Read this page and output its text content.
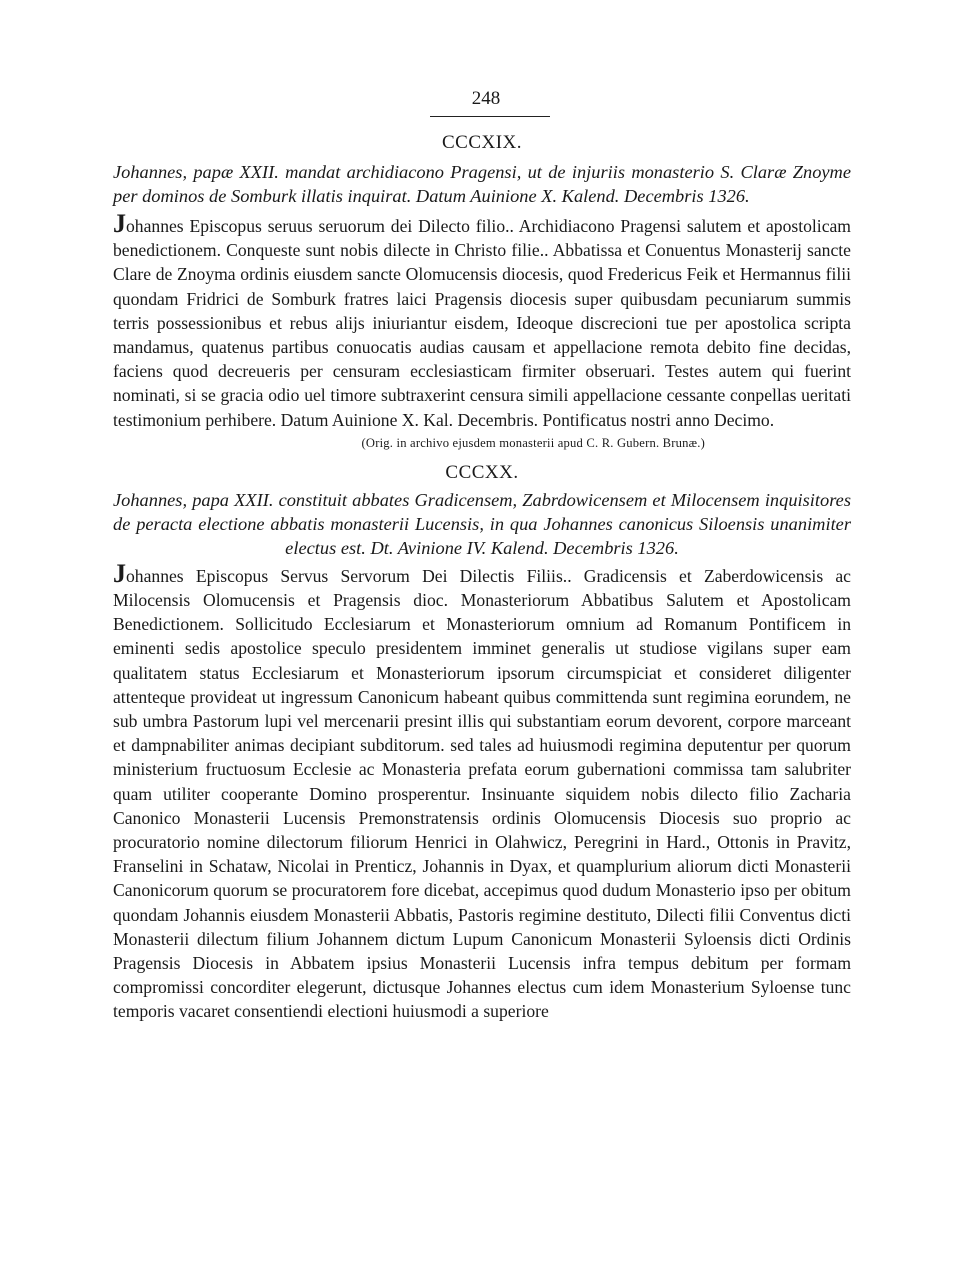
248
CCCXIX.

Johannes, papæ XXII. mandat archidiacono Pragensi, ut de injuriis monasterio S. Claræ Znoyme per dominos de Somburk illatis inquirat. Datum Auinione X. Kalend. Decembris 1326.

Johannes Episcopus seruus seruorum dei Dilecto filio.. Archidiacono Pragensi salutem et apostolicam benedictionem. Conqueste sunt nobis dilecte in Christo filie.. Abbatissa et Conuentus Monasterij sancte Clare de Znoyma ordinis eiusdem sancte Olomucensis diocesis, quod Fredericus Feik et Hermannus filii quondam Fridrici de Somburk fratres laici Pragensis diocesis super quibusdam pecuniarum summis terris possessionibus et rebus alijs iniuriantur eisdem, Ideoque discrecioni tue per apostolica scripta mandamus, quatenus partibus conuocatis audias causam et appellacione remota debito fine decidas, faciens quod decreueris per censuram ecclesiasticam firmiter obseruari. Testes autem qui fuerint nominati, si se gracia odio uel timore subtraxerint censura simili appellacione cessante conpellas ueritati testimonium perhibere. Datum Auinione X. Kal. Decembris. Pontificatus nostri anno Decimo.

(Orig. in archivo ejusdem monasterii apud C. R. Gubern. Brunæ.)

CCCXX.

Johannes, papa XXII. constituit abbates Gradicensem, Zabrdowicensem et Milocensem inquisitores de peracta electione abbatis monasterii Lucensis, in qua Johannes canonicus Siloensis unanimiter electus est. Dt. Avinione IV. Kalend. Decembris 1326.

Johannes Episcopus Servus Servorum Dei Dilectis Filiis.. Gradicensis et Zaberdowicensis ac Milocensis Olomucensis et Pragensis dioc. Monasteriorum Abbatibus Salutem et Apostolicam Benedictionem. Sollicitudo Ecclesiarum et Monasteriorum omnium ad Romanum Pontificem in eminenti sedis apostolice speculo presidentem imminet generalis ut studiose vigilans super eam qualitatem status Ecclesiarum et Monasteriorum ipsorum circumspiciat et consideret diligenter attenteque provideat ut ingressum Canonicum habeant quibus committenda sunt regimina eorundem, ne sub umbra Pastorum lupi vel mercenarii presint illis qui substantiam eorum devorent, corpore marceant et dampnabiliter animas decipiant subditorum. sed tales ad huiusmodi regimina deputentur per quorum ministerium fructuosum Ecclesie ac Monasteria prefata eorum gubernationi commissa tam salubriter quam utiliter cooperante Domino prosperentur. Insinuante siquidem nobis dilecto filio Zacharia Canonico Monasterii Lucensis Premonstratensis ordinis Olomucensis Diocesis suo proprio ac procuratorio nomine dilectorum filiorum Henrici in Olahwicz, Peregrini in Hard., Ottonis in Pravitz, Franselini in Schataw, Nicolai in Prenticz, Johannis in Dyax, et quamplurium aliorum dicti Monasterii Canonicorum quorum se procuratorem fore dicebat, accepimus quod dudum Monasterio ipso per obitum quondam Johannis eiusdem Monasterii Abbatis, Pastoris regimine destituto, Dilecti filii Conventus dicti Monasterii dilectum filium Johannem dictum Lupum Canonicum Monasterii Syloensis dicti Ordinis Pragensis Diocesis in Abbatem ipsius Monasterii Lucensis infra tempus debitum per formam compromissi concorditer elegerunt, dictusque Johannes electus cum idem Monasterium Syloense tunc temporis vacaret consentiendi electioni huiusmodi a superiore
